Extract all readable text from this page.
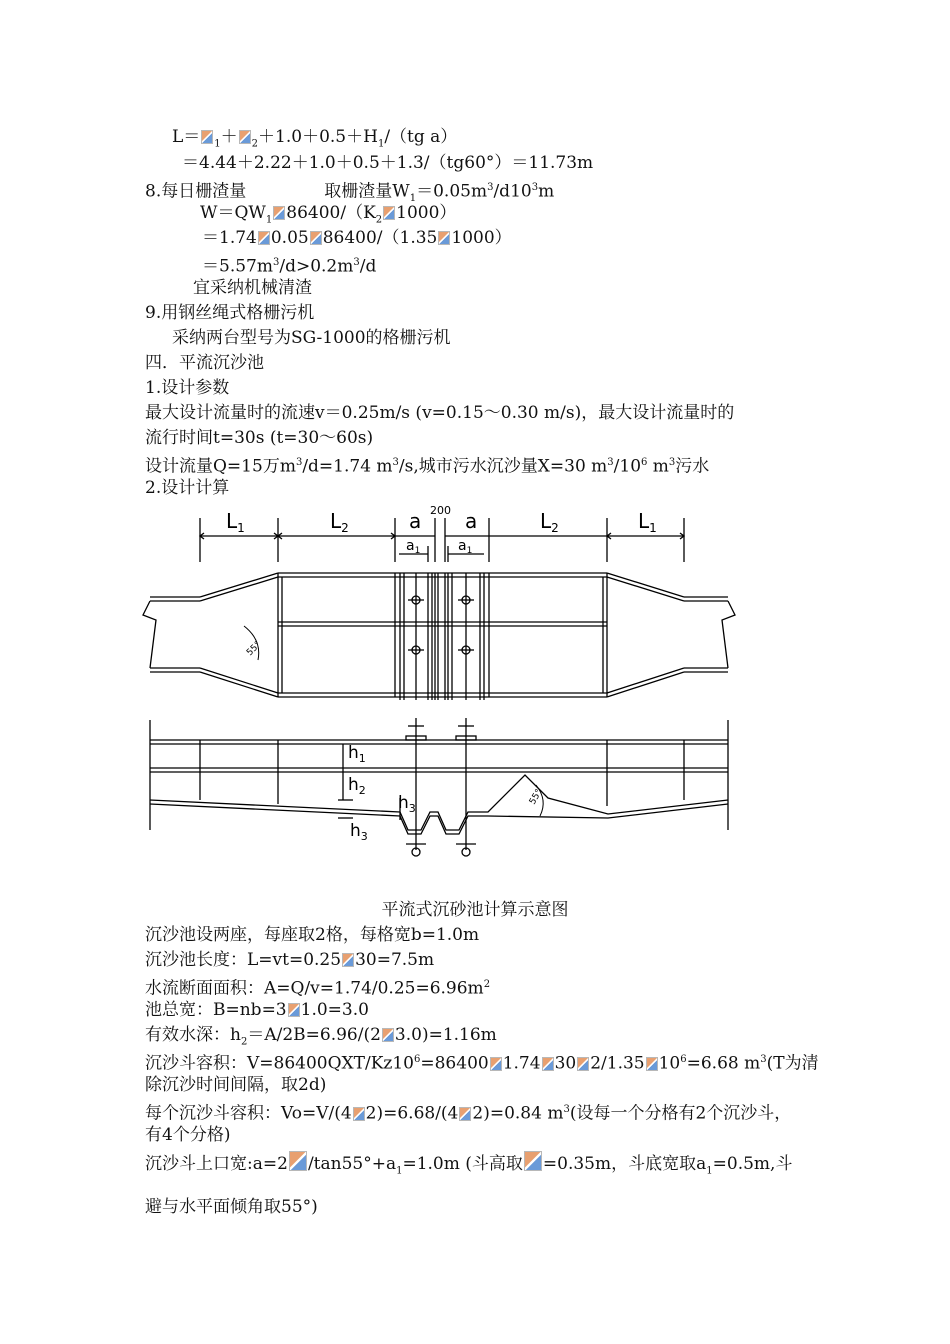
$L= _1+ _2+1.0+0.5+H_1/(tg$ a）
＝4.44＋2.22＋1.0＋0.5＋1.3/（tg60°）＝11.73m
8.每日栅渣量	取栅渣量$W_1=0.05m^3/d10^3m$
$W=QW_1$ $86400/(K_2$ 1000）
＝1.74 0.05 86400/（1.35 1000）
$=5.57m^3/d>0.2m^3/d$
宜采纳机械清渣
9.用钢丝绳式格栅污机
采纳两台型号为SG-1000的格栅污机
四．平流沉沙池
1.设计参数
最大设计流量时的流速v＝0.25m/s (v=0.15～0.30 m/s)，最大设计流量时的
流行时间t=30s (t=30～60s)
设计流量Q=15万$m^3/d=1.74$ $m^3/s$,城市污水沉沙量X=30 $m^3/10^6$ $m^3$污水
2.设计计算
$L_1$	$L_2$	a a	$L_2$	$L_1$
200
$a_1$	$a_1$
55°
$h_1$
$h_2$
$h_3$
$h_3$
55°
平流式沉砂池计算示意图
沉沙池设两座，每座取2格，每格宽b=1.0m
沉沙池长度：L=vt=0.25 30=7.5m
水流断面面积：$A=Q/v=1.74/0.25=6.96m^2$
池总宽：B=nb=3 1.0=3.0
有效水深：$h_2=A/2B=6.96/(2$ 3.0)=1.16m
沉沙斗容积：$V=86400QXT/Kz10^6=86400$ 1.74 30 2/1.35 $10^6=6.68$ $m^3(T$为清
除沉沙时间间隔，取2d)
每个沉沙斗容积：Vo=V/(4 2)=6.68/(4 2)=0.84 $m^3$(设每一个分格有2个沉沙斗，
有4个分格)
沉沙斗上口宽:a=2 $/\tan 55^\circ+a_1=1.0m$ (斗高取 =0.35m，斗底宽取$a_1=0.5m$,斗
避与水平面倾角取55°)
